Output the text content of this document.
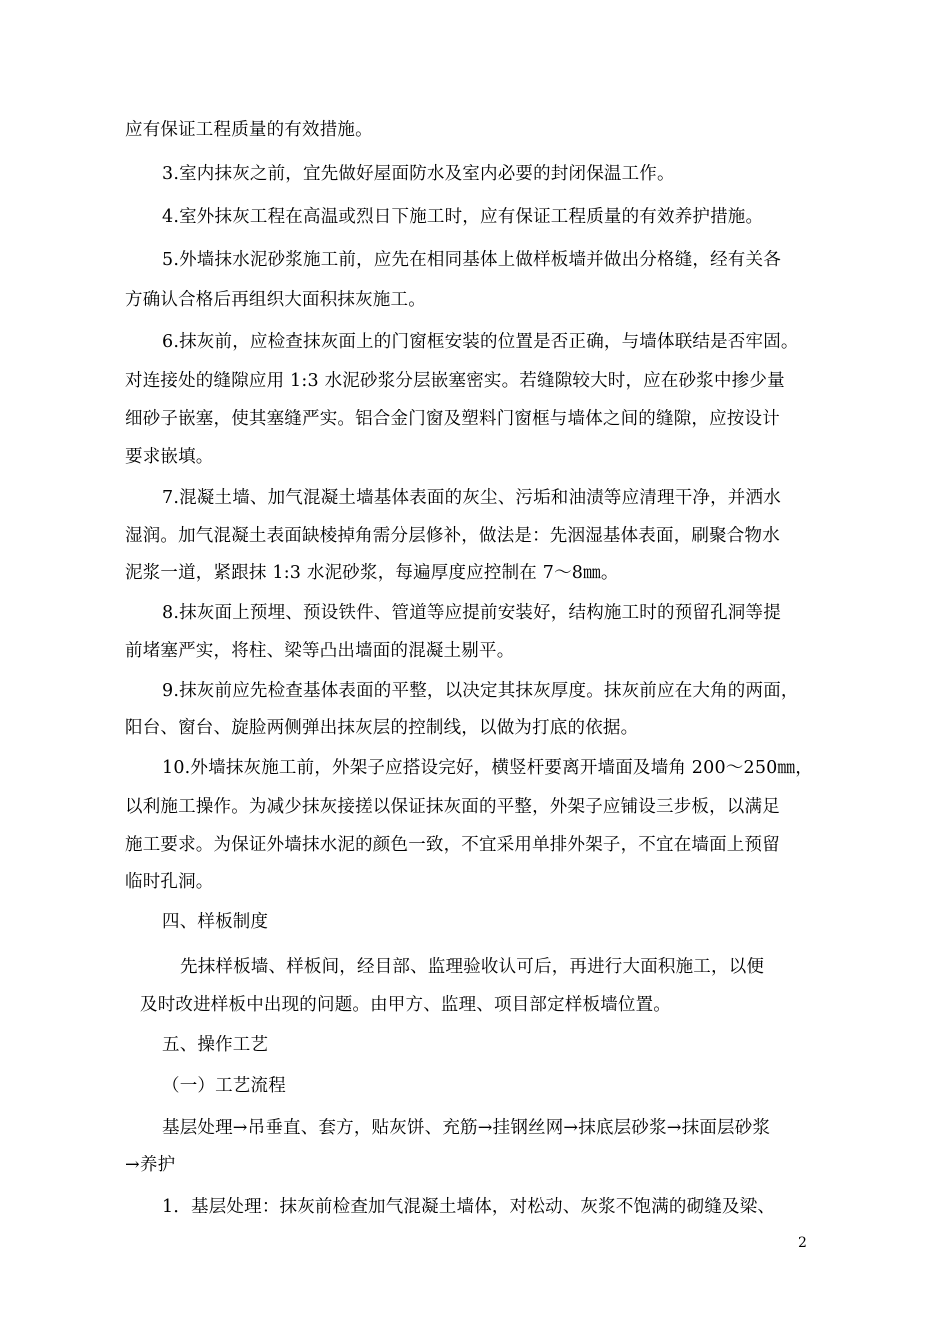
应有保证工程质量的有效措施。
3.室内抹灰之前，宜先做好屋面防水及室内必要的封闭保温工作。
4.室外抹灰工程在高温或烈日下施工时，应有保证工程质量的有效养护措施。
5.外墙抹水泥砂浆施工前，应先在相同基体上做样板墙并做出分格缝，经有关各
方确认合格后再组织大面积抹灰施工。
6.抹灰前，应检查抹灰面上的门窗框安装的位置是否正确，与墙体联结是否牢固。
对连接处的缝隙应用 1:3 水泥砂浆分层嵌塞密实。若缝隙较大时，应在砂浆中掺少量
细砂子嵌塞，使其塞缝严实。铝合金门窗及塑料门窗框与墙体之间的缝隙，应按设计
要求嵌填。
7.混凝土墙、加气混凝土墙基体表面的灰尘、污垢和油渍等应清理干净，并洒水
湿润。加气混凝土表面缺棱掉角需分层修补，做法是：先洇湿基体表面，刷聚合物水
泥浆一道，紧跟抹 1:3 水泥砂浆，每遍厚度应控制在 7～8㎜。
8.抹灰面上预埋、预设铁件、管道等应提前安装好，结构施工时的预留孔洞等提
前堵塞严实，将柱、梁等凸出墙面的混凝土剔平。
9.抹灰前应先检查基体表面的平整，以决定其抹灰厚度。抹灰前应在大角的两面，
阳台、窗台、旋脸两侧弹出抹灰层的控制线，以做为打底的依据。
10.外墙抹灰施工前，外架子应搭设完好，横竖杆要离开墙面及墙角 200～250㎜，
以利施工操作。为减少抹灰接搓以保证抹灰面的平整，外架子应铺设三步板，以满足
施工要求。为保证外墙抹水泥的颜色一致，不宜采用单排外架子，不宜在墙面上预留
临时孔洞。
四、样板制度
先抹样板墙、样板间，经目部、监理验收认可后，再进行大面积施工，以便
及时改进样板中出现的问题。由甲方、监理、项目部定样板墙位置。
五、操作工艺
（一）工艺流程
基层处理→吊垂直、套方，贴灰饼、充筋→挂钢丝网→抹底层砂浆→抹面层砂浆
→养护
1．基层处理：抹灰前检查加气混凝土墙体，对松动、灰浆不饱满的砌缝及梁、
2
